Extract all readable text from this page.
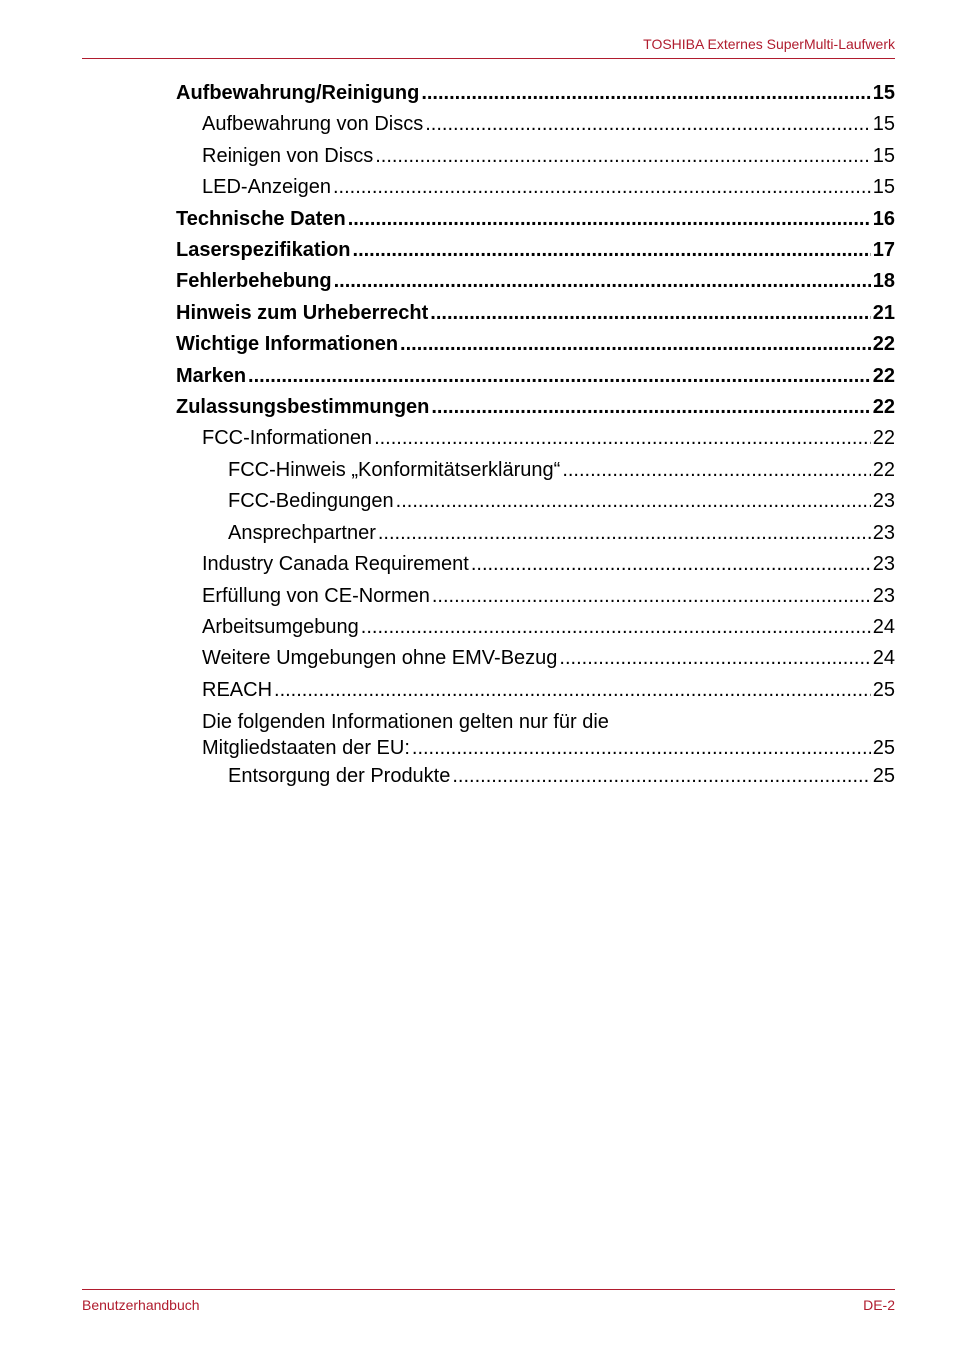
TOSHIBA Externes SuperMulti-Laufwerk
Aufbewahrung/Reinigung .....	15
Aufbewahrung von Discs .....	15
Reinigen von Discs .....	15
LED-Anzeigen .....	15
Technische Daten .....	16
Laserspezifikation .....	17
Fehlerbehebung .....	18
Hinweis zum Urheberrecht .....	21
Wichtige Informationen .....	22
Marken .....	22
Zulassungsbestimmungen .....	22
FCC-Informationen .....	22
FCC-Hinweis „Konformitätserklärung“ .....	22
FCC-Bedingungen .....	23
Ansprechpartner .....	23
Industry Canada Requirement .....	23
Erfüllung von CE-Normen .....	23
Arbeitsumgebung .....	24
Weitere Umgebungen ohne EMV-Bezug .....	24
REACH .....	25
Die folgenden Informationen gelten nur für die
Mitgliedstaaten der EU: .....	25
Entsorgung der Produkte .....	25
Benutzerhandbuch	DE-2
